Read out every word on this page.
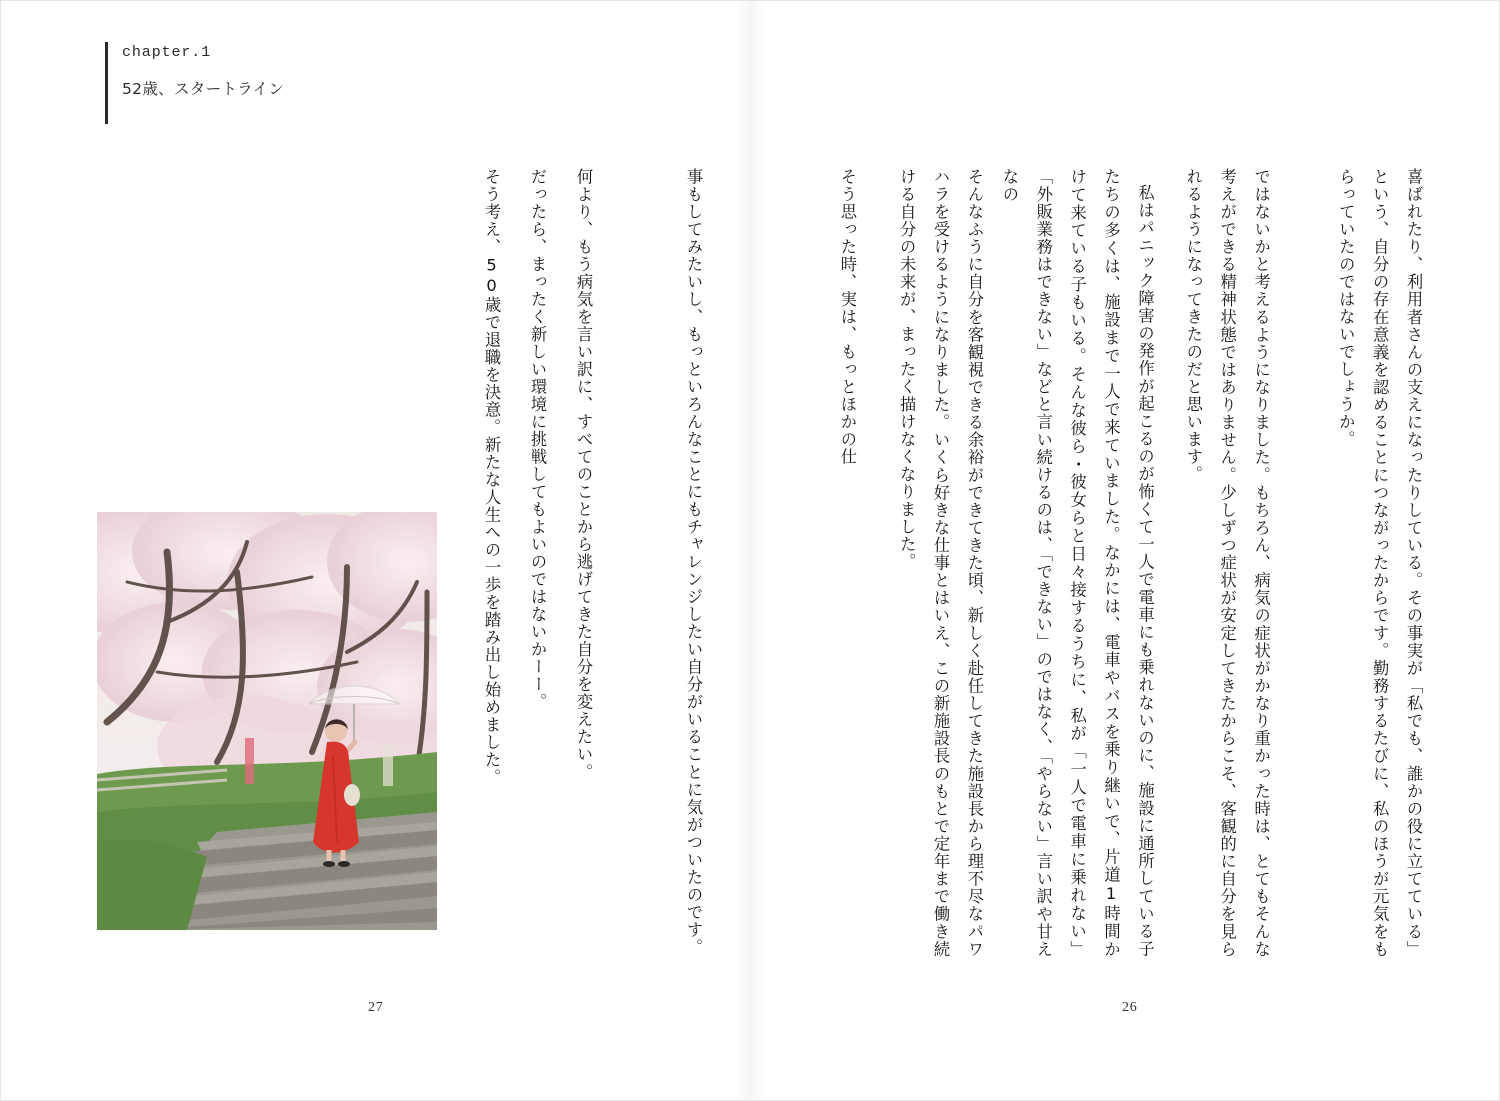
chapter.1
52歳、スタートライン
喜ばれたり、利用者さんの支えになったりしている。その事実が「私でも、誰かの役に立てている」という、自分の存在意義を認めることにつながったからです。勤務するたびに、私のほうが元気をもらっていたのではないでしょうか。
ではないかと考えるようになりました。もちろん、病気の症状がかなり重かった時は、とてもそんな考えができる精神状態ではありません。少しずつ症状が安定してきたからこそ、客観的に自分を見られるようになってきたのだと思います。
私はパニック障害の発作が起こるのが怖くて一人で電車にも乗れないのに、施設に通所している子たちの多くは、施設まで一人で来ていました。なかには、電車やバスを乗り継いで、片道1時間かけて来ている子もいる。そんな彼ら・彼女らと日々接するうちに、私が「一人で電車に乗れない」「外販業務はできない」などと言い続けるのは、「できない」のではなく、「やらない」言い訳や甘えなの
そんなふうに自分を客観視できる余裕ができてきた頃、新しく赴任してきた施設長から理不尽なパワハラを受けるようになりました。いくら好きな仕事とはいえ、この新施設長のもとで定年まで働き続ける自分の未来が、まったく描けなくなりました。
そう思った時、実は、もっとほかの仕
事もしてみたいし、もっといろんなことにもチャレンジしたい自分がいることに気がついたのです。
何より、もう病気を言い訳に、すべてのことから逃げてきた自分を変えたい。
だったら、まったく新しい環境に挑戦してもよいのではないかーー。
そう考え、50歳で退職を決意。新たな人生への一歩を踏み出し始めました。
27	26
